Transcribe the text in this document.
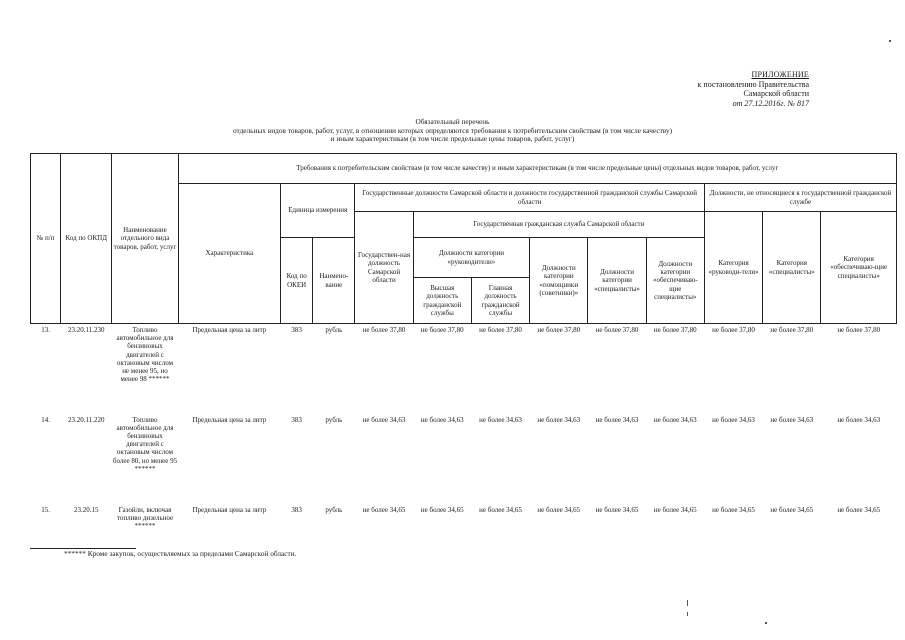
ПРИЛОЖЕНИЕ
к постановлению Правительства
Самарской области
от 27.12.2016г. № 817
Обязательный перечень
отдельных видов товаров, работ, услуг, в отношении которых определяются требования к потребительским свойствам (в том числе качеству)
и иным характеристикам (в том числе предельные цены товаров, работ, услуг)
№ п/п	Код по ОКПД	Наименование отдельного вида товаров, работ, услуг	Требования к потребительским свойствам (в том числе качеству) и иным характеристикам (в том числе предельные цены) отдельных видов товаров, работ, услуг											
			Характеристика	Единица измерения		Государственные должности Самарской области и должности государственной гражданской службы Самарской области						Должности, не относящиеся к государственной гражданской службе		
						Государствен-ная должность Самарской области	Государственная гражданская служба Самарской области					Категория «руководи-тели»	Категория «специалисты»	Категория «обеспечиваю-щие специалисты»
				Код по ОКЕИ	Наимено-вание		Должности категории «руководители»		Должности категории «помощники (советники)»	Должности категории «специалисты»	Должности категории «обеспечиваю-щие специалисты»			
							Высшая должность гражданской службы	Главная должность гражданской службы						
13.	23.20.11.230	Топливо автомобильное для бензиновых двигателей с октановым числом не менее 95, но менее 98 ******	Предельная цена за литр	383	рубль	не более 37,80	не более 37,80	не более 37,80	не более 37,80	не более 37,80	не более 37,80	не более 37,80	не более 37,80	не более 37,80
14.	23.20.11.220	Топливо автомобильное для бензиновых двигателей с октановым числом более 80, но менее 95 ******	Предельная цена за литр	383	рубль	не более 34,63	не более 34,63	не более 34,63	не более 34,63	не более 34,63	не более 34,63	не более 34,63	не более 34,63	не более 34,63
15.	23.20.15	Газойли, включая топливо дизельное ******	Предельная цена за литр	383	рубль	не более 34,65	не более 34,65	не более 34,65	не более 34,65	не более 34,65	не более 34,65	не более 34,65	не более 34,65	не более 34,65
****** Кроме закупок, осуществляемых за пределами Самарской области.
